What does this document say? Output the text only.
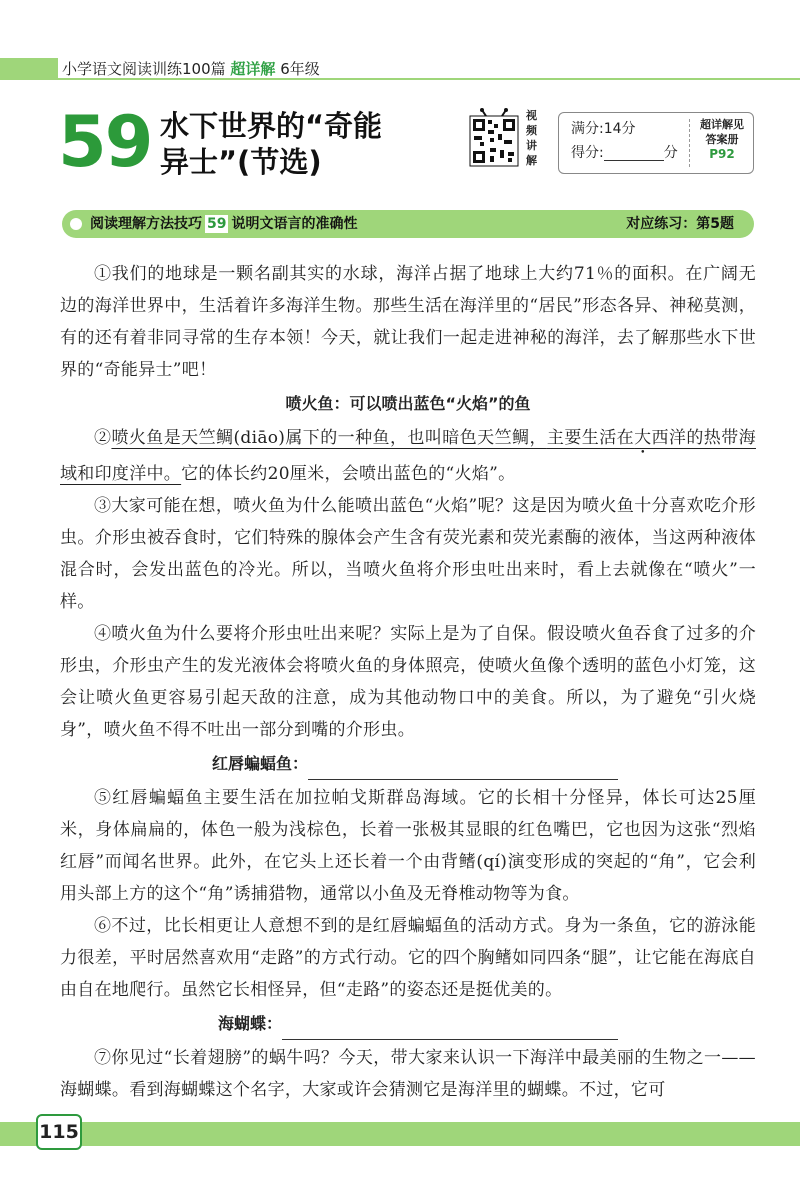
小学语文阅读训练100篇 超详解 6年级
59 水下世界的“奇能
异士”(节选)
视
频
讲
解
满分:14分
得分:	分
超详解见
答案册
P92
阅读理解方法技巧 59 说明文语言的准确性	对应练习：第5题

①我们的地球是一颗名副其实的水球，海洋占据了地球上大约71％的面积。在广阔无边的海洋世界中，生活着许多海洋生物。那些生活在海洋里的“居民”形态各异、神秘莫测，有的还有着非同寻常的生存本领！今天，就让我们一起走进神秘的海洋，去了解那些水下世界的“奇能异士”吧！

喷火鱼：可以喷出蓝色“火焰”的鱼

②喷火鱼是天竺鲷(diāo)属下的一种鱼，也叫暗色天竺鲷，主要生活在大西洋的热带海域和印度洋中。它的体长约20厘米，会喷出蓝色的“火焰”。

③大家可能在想，喷火鱼为什么能喷出蓝色“火焰”呢？这是因为喷火鱼十分喜欢吃介形虫。介形虫被吞食时，它们特殊的腺体会产生含有荧光素和荧光素酶的液体，当这两种液体混合时，会发出蓝色的冷光。所以，当喷火鱼将介形虫吐出来时，看上去就像在“喷火”一样。

④喷火鱼为什么要将介形虫吐出来呢？实际上是为了自保。假设喷火鱼吞食了过多的介形虫，介形虫产生的发光液体会将喷火鱼的身体照亮，使喷火鱼像个透明的蓝色小灯笼，这会让喷火鱼更容易引起天敌的注意，成为其他动物口中的美食。所以，为了避免“引火烧身”，喷火鱼不得不吐出一部分到嘴的介形虫。

红唇蝙蝠鱼：

⑤红唇蝙蝠鱼主要生活在加拉帕戈斯群岛海域。它的长相十分怪异，体长可达25厘米，身体扁扁的，体色一般为浅棕色，长着一张极其显眼的红色嘴巴，它也因为这张“烈焰红唇”而闻名世界。此外，在它头上还长着一个由背鳍(qí)演变形成的突起的“角”，它会利用头部上方的这个“角”诱捕猎物，通常以小鱼及无脊椎动物等为食。

⑥不过，比长相更让人意想不到的是红唇蝙蝠鱼的活动方式。身为一条鱼，它的游泳能力很差，平时居然喜欢用“走路”的方式行动。它的四个胸鳍如同四条“腿”，让它能在海底自由自在地爬行。虽然它长相怪异，但“走路”的姿态还是挺优美的。

海蝴蝶：

⑦你见过“长着翅膀”的蜗牛吗？今天，带大家来认识一下海洋中最美丽的生物之一——海蝴蝶。看到海蝴蝶这个名字，大家或许会猜测它是海洋里的蝴蝶。不过，它可

115
